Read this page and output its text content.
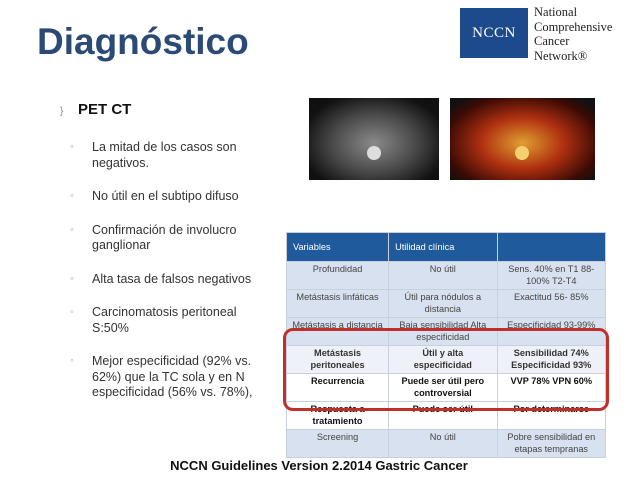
Diagnóstico	NCCN
National
Comprehensive
Cancer
Network®
} PET CT
◦ La mitad de los casos son negativos.
◦ No útil en el subtipo difuso
◦ Confirmación de involucro ganglionar
◦ Alta tasa de falsos negativos
◦ Carcinomatosis peritoneal S:50%
◦ Mejor especificidad (92% vs. 62%) que la TC sola y en N especificidad (56% vs. 78%),
Variables	Utilidad clínica	
Profundidad	No útil	Sens. 40% en T1 88-100% T2-T4
Metástasis linfáticas	Útil para nódulos a distancia	Exactitud 56- 85%
Metástasis a distancia	Baja sensibilidad Alta especificidad	Especificidad 93-99%
Metástasis peritoneales	Útil y alta especificidad	Sensibilidad 74% Especificidad 93%
Recurrencia	Puede ser útil pero controversial	VVP 78% VPN 60%
Respuesta a tratamiento	Puede ser útil	Por determinarse
Screening	No útil	Pobre sensibilidad en etapas tempranas
NCCN Guidelines Version 2.2014 Gastric Cancer
